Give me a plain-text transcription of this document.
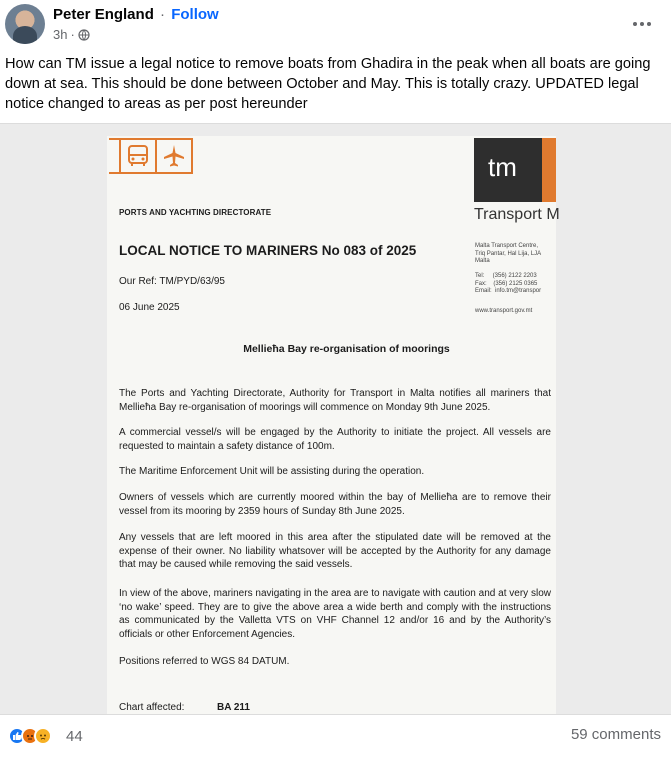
Peter England · Follow
3h ·
How can TM issue a legal notice to remove boats from Ghadira in the peak when all boats are going down at sea. This should be done between October and May. This is totally crazy. UPDATED legal notice changed to areas as per post hereunder
tm
Transport M
PORTS AND YACHTING DIRECTORATE
LOCAL NOTICE TO MARINERS No 083 of 2025
Our Ref: TM/PYD/63/95
06 June 2025
Malta Transport Centre,
Triq Pantar, Hal Lija, LJA
Malta

Tel:     (356) 2122 2203
Fax:    (356) 2125 0365
Email:  info.tm@transpor
www.transport.gov.mt
Mellieħa Bay re-organisation of moorings
The Ports and Yachting Directorate, Authority for Transport in Malta notifies all mariners that Mellieħa Bay re-organisation of moorings will commence on Monday 9th June 2025.
A commercial vessel/s will be engaged by the Authority to initiate the project. All vessels are requested to maintain a safety distance of 100m.
The Maritime Enforcement Unit will be assisting during the operation.
Owners of vessels which are currently moored within the bay of Mellieħa are to remove their vessel from its mooring by 2359 hours of Sunday 8th June 2025.
Any vessels that are left moored in this area after the stipulated date will be removed at the expense of their owner. No liability whatsover will be accepted by the Authority for any damage that may be caused while removing the said vessels.
In view of the above, mariners navigating in the area are to navigate with caution and at very slow ‘no wake’ speed. They are to give the above area a wide berth and comply with the instructions as communicated by the Valletta VTS on VHF Channel 12 and/or 16 and by the Authority’s officials or other Enforcement Agencies.
Positions referred to WGS 84 DATUM.
Chart affected:	BA 211
44	59 comments
